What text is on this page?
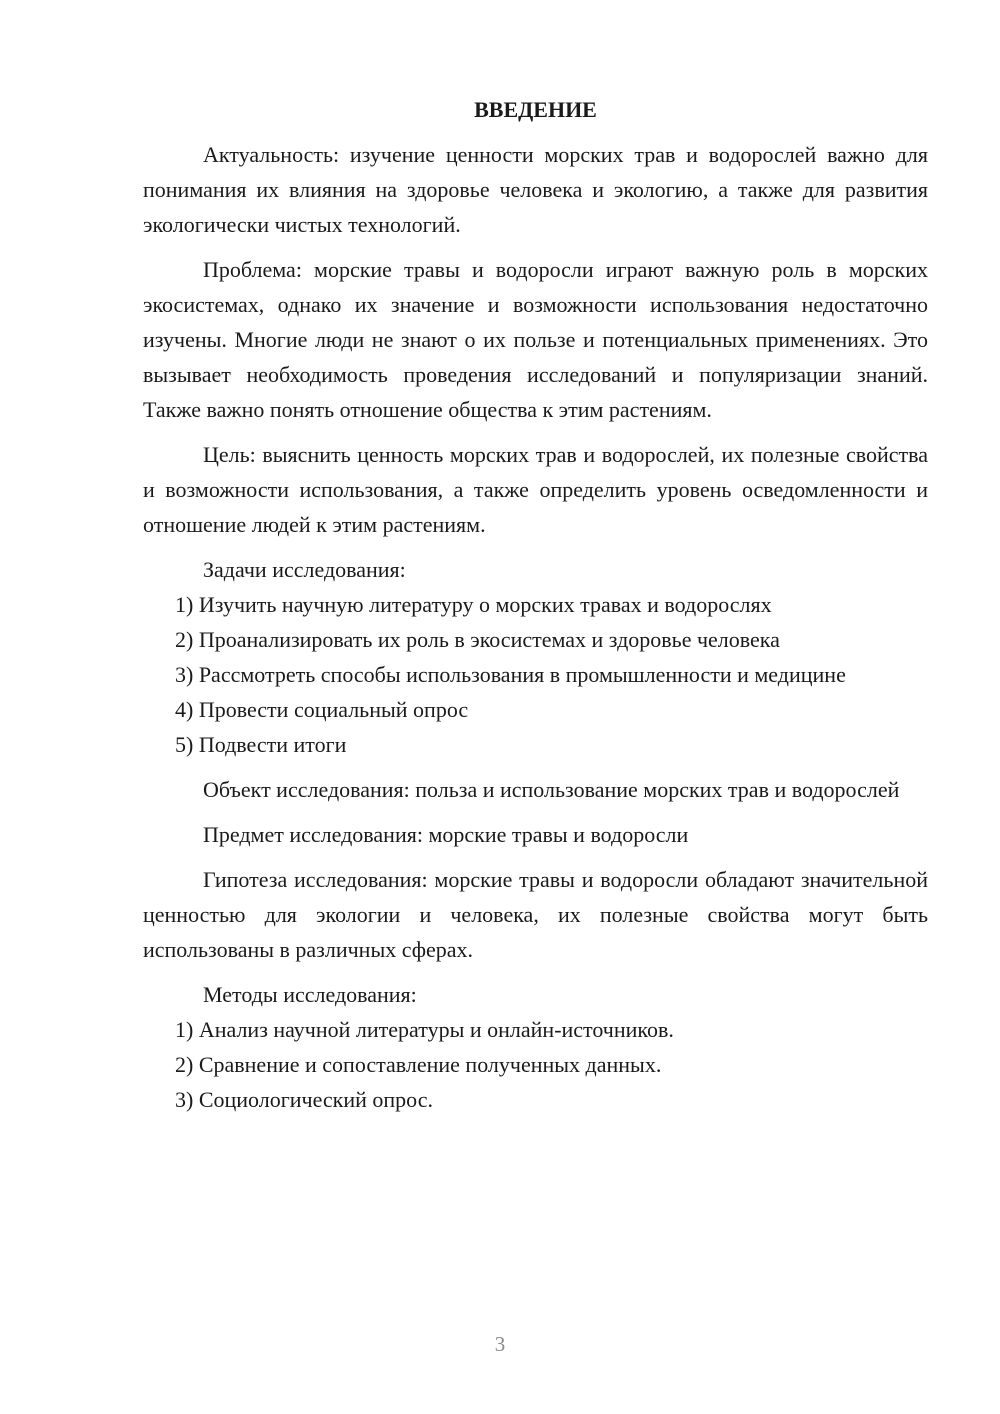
ВВЕДЕНИЕ

Актуальность: изучение ценности морских трав и водорослей важно для понимания их влияния на здоровье человека и экологию, а также для развития экологически чистых технологий.

Проблема: морские травы и водоросли играют важную роль в морских экосистемах, однако их значение и возможности использования недостаточно изучены. Многие люди не знают о их пользе и потенциальных применениях. Это вызывает необходимость проведения исследований и популяризации знаний. Также важно понять отношение общества к этим растениям.

Цель: выяснить ценность морских трав и водорослей, их полезные свойства и возможности использования, а также определить уровень осведомленности и отношение людей к этим растениям.

Задачи исследования:

1) Изучить научную литературу о морских травах и водорослях

2) Проанализировать их роль в экосистемах и здоровье человека

3) Рассмотреть способы использования в промышленности и медицине

4) Провести социальный опрос

5) Подвести итоги

Объект исследования: польза и использование морских трав и водорослей

Предмет исследования: морские травы и водоросли

Гипотеза исследования: морские травы и водоросли обладают значительной ценностью для экологии и человека, их полезные свойства могут быть использованы в различных сферах.

Методы исследования:

1) Анализ научной литературы и онлайн-источников.

2) Сравнение и сопоставление полученных данных.

3) Социологический опрос.

3
